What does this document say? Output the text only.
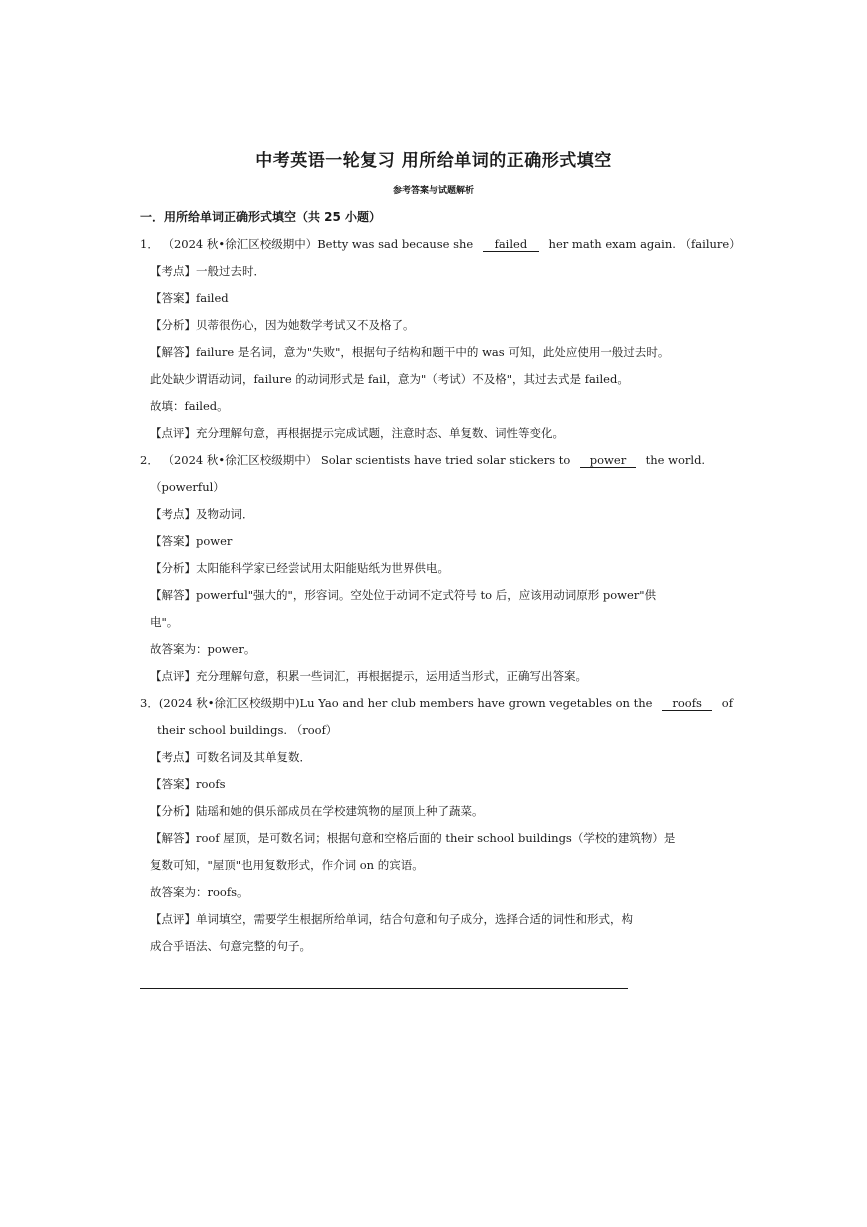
中考英语一轮复习 用所给单词的正确形式填空
参考答案与试题解析
一．用所给单词正确形式填空（共 25 小题）
1． （2024 秋•徐汇区校级期中）Betty was sad because she failed her math exam again. （failure）
【考点】一般过去时．
【答案】failed
【分析】贝蒂很伤心，因为她数学考试又不及格了。
【解答】failure 是名词，意为"失败"，根据句子结构和题干中的 was 可知，此处应使用一般过去时。
此处缺少谓语动词，failure 的动词形式是 fail，意为"（考试）不及格"，其过去式是 failed。
故填：failed。
【点评】充分理解句意，再根据提示完成试题，注意时态、单复数、词性等变化。
2． （2024 秋•徐汇区校级期中） Solar scientists have tried solar stickers to power the world.
（powerful）
【考点】及物动词．
【答案】power
【分析】太阳能科学家已经尝试用太阳能贴纸为世界供电。
【解答】powerful"强大的"，形容词。空处位于动词不定式符号 to 后，应该用动词原形 power"供
电"。
故答案为：power。
【点评】充分理解句意，积累一些词汇，再根据提示，运用适当形式，正确写出答案。
3．(2024 秋•徐汇区校级期中)Lu Yao and her club members have grown vegetables on the roofs of
their school buildings. （roof）
【考点】可数名词及其单复数．
【答案】roofs
【分析】陆瑶和她的俱乐部成员在学校建筑物的屋顶上种了蔬菜。
【解答】roof 屋顶，是可数名词；根据句意和空格后面的 their school buildings（学校的建筑物）是
复数可知，"屋顶"也用复数形式，作介词 on 的宾语。
故答案为：roofs。
【点评】单词填空，需要学生根据所给单词，结合句意和句子成分，选择合适的词性和形式，构
成合乎语法、句意完整的句子。
